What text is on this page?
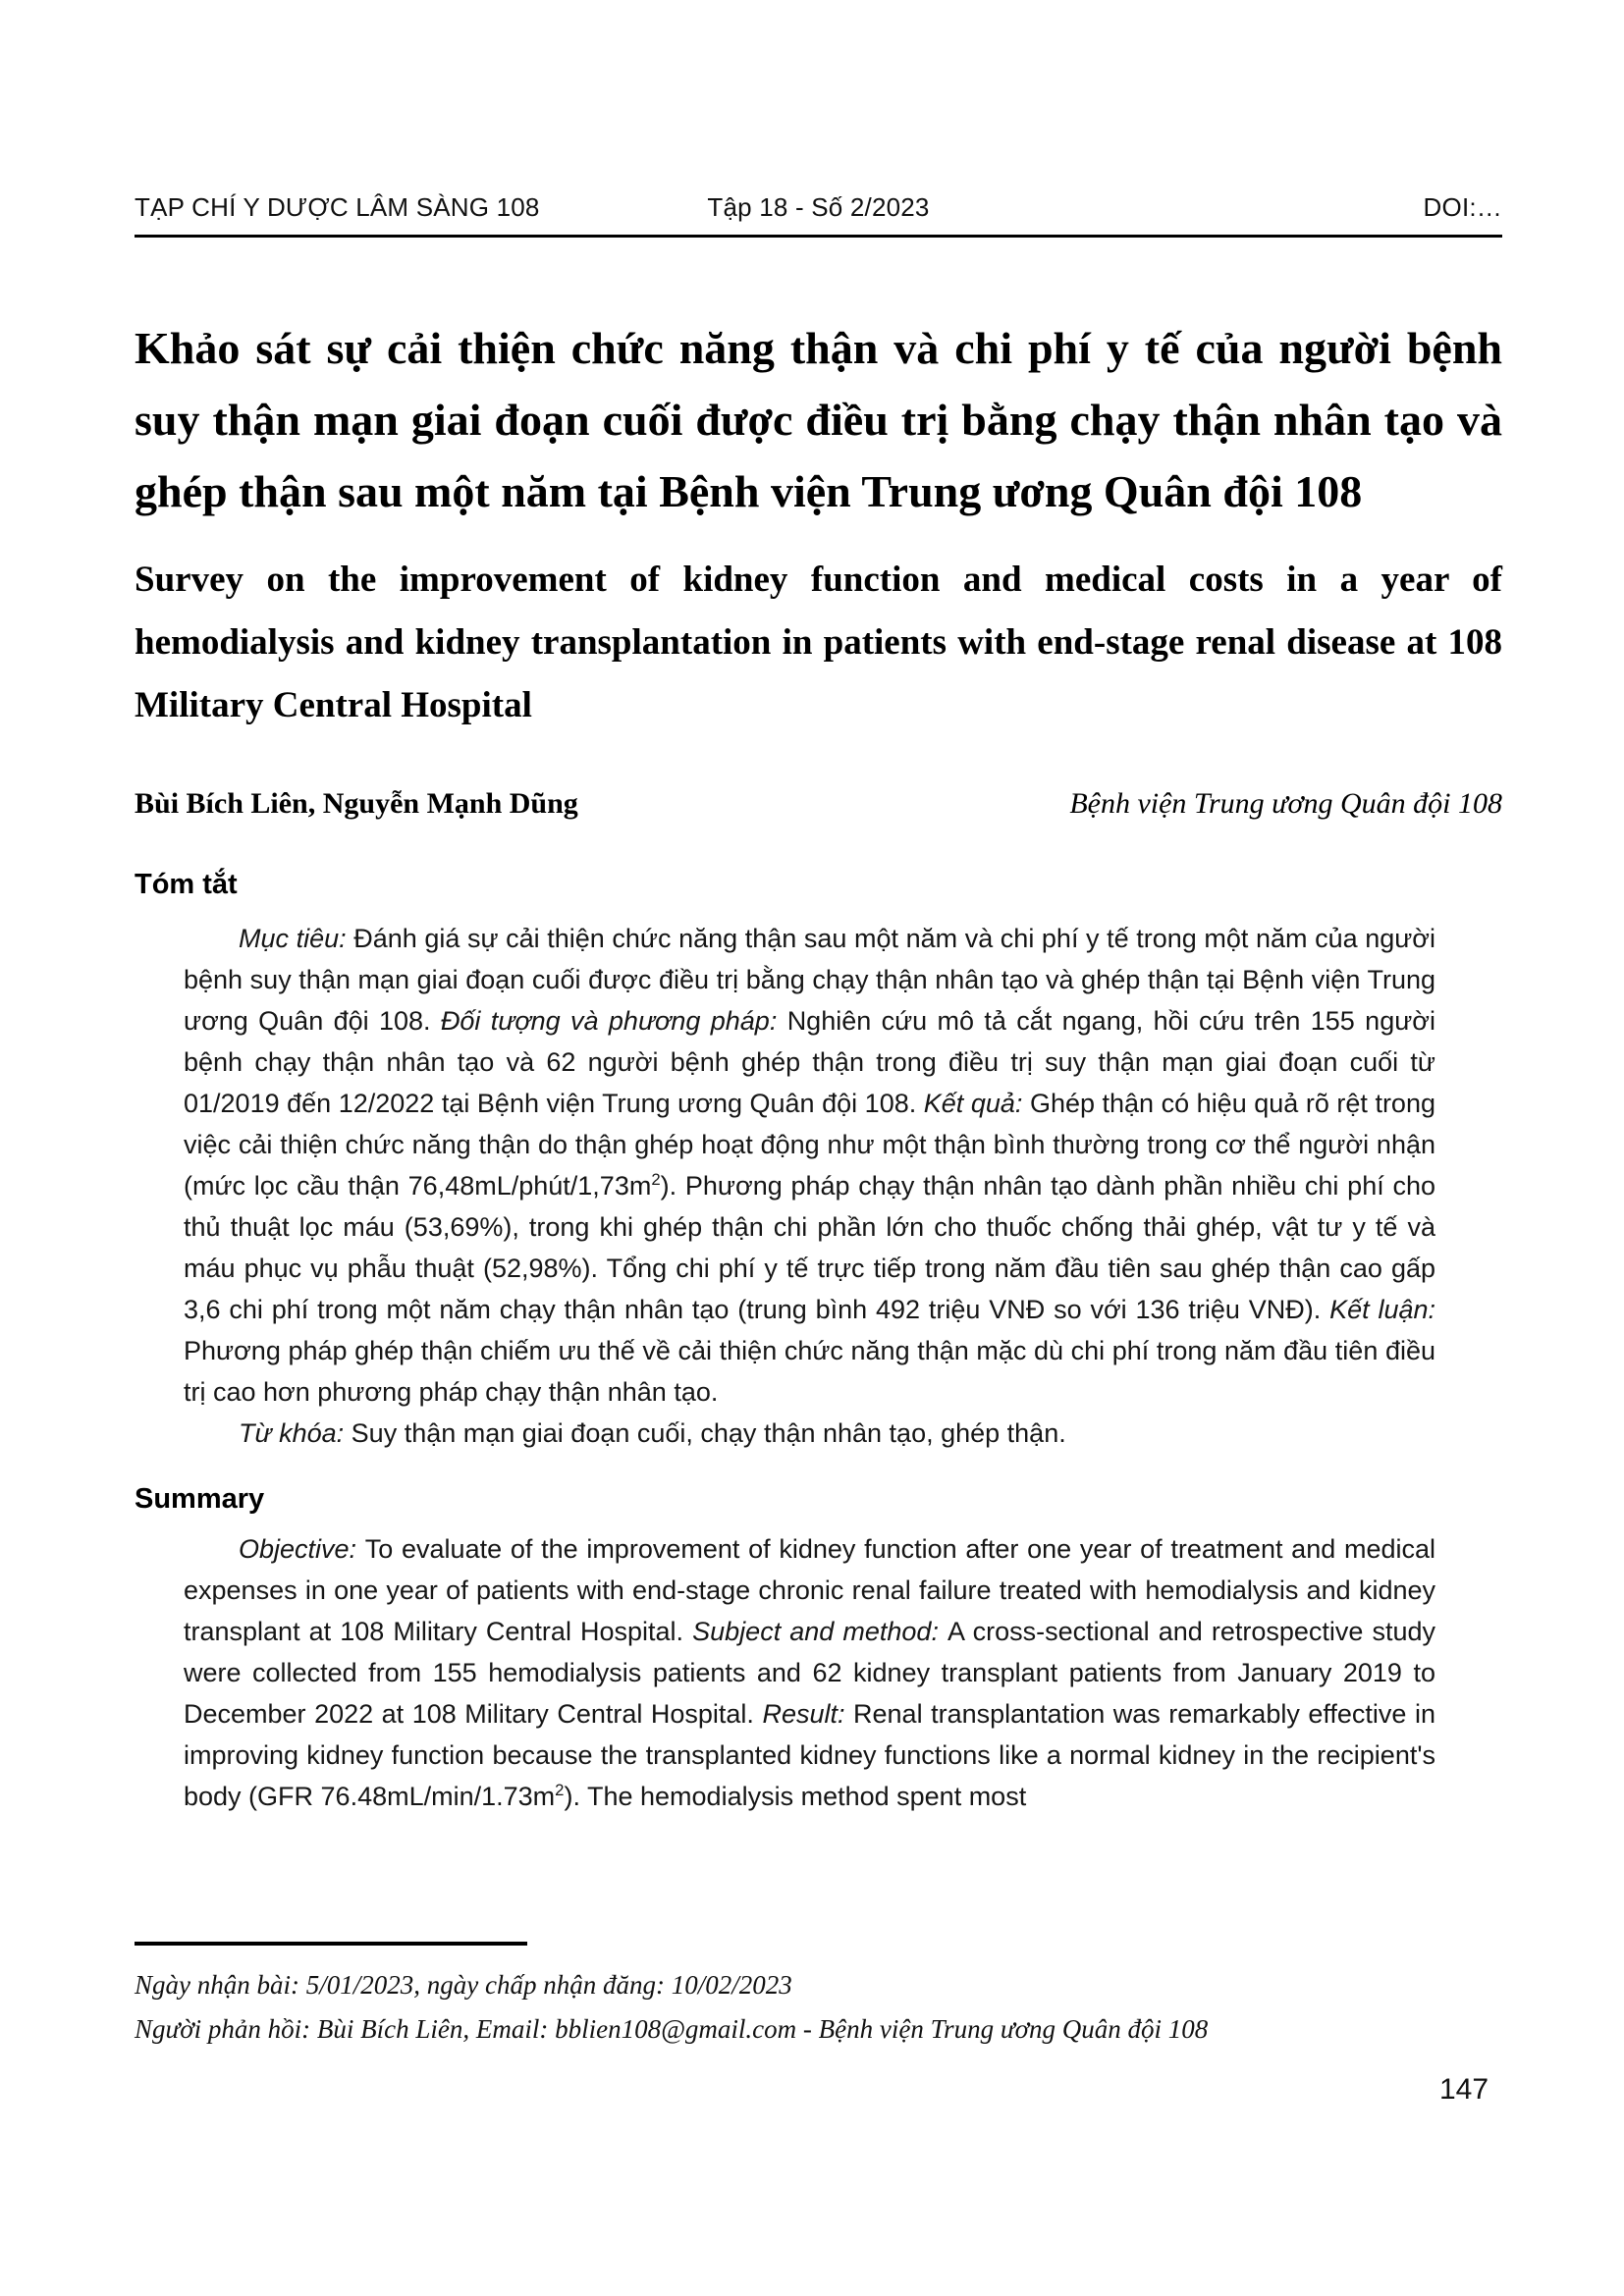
TẠP CHÍ Y DƯỢC LÂM SÀNG 108	Tập 18 - Số 2/2023	DOI:…
Khảo sát sự cải thiện chức năng thận và chi phí y tế của người bệnh suy thận mạn giai đoạn cuối được điều trị bằng chạy thận nhân tạo và ghép thận sau một năm tại Bệnh viện Trung ương Quân đội 108
Survey on the improvement of kidney function and medical costs in a year of hemodialysis and kidney transplantation in patients with end-stage renal disease at 108 Military Central Hospital
Bùi Bích Liên, Nguyễn Mạnh Dũng	Bệnh viện Trung ương Quân đội 108
Tóm tắt

Mục tiêu: Đánh giá sự cải thiện chức năng thận sau một năm và chi phí y tế trong một năm của người bệnh suy thận mạn giai đoạn cuối được điều trị bằng chạy thận nhân tạo và ghép thận tại Bệnh viện Trung ương Quân đội 108. Đối tượng và phương pháp: Nghiên cứu mô tả cắt ngang, hồi cứu trên 155 người bệnh chạy thận nhân tạo và 62 người bệnh ghép thận trong điều trị suy thận mạn giai đoạn cuối từ 01/2019 đến 12/2022 tại Bệnh viện Trung ương Quân đội 108. Kết quả: Ghép thận có hiệu quả rõ rệt trong việc cải thiện chức năng thận do thận ghép hoạt động như một thận bình thường trong cơ thể người nhận (mức lọc cầu thận $76,48mL/phút/1,73m^2$). Phương pháp chạy thận nhân tạo dành phần nhiều chi phí cho thủ thuật lọc máu (53,69%), trong khi ghép thận chi phần lớn cho thuốc chống thải ghép, vật tư y tế và máu phục vụ phẫu thuật (52,98%). Tổng chi phí y tế trực tiếp trong năm đầu tiên sau ghép thận cao gấp 3,6 chi phí trong một năm chạy thận nhân tạo (trung bình 492 triệu VNĐ so với 136 triệu VNĐ). Kết luận: Phương pháp ghép thận chiếm ưu thế về cải thiện chức năng thận mặc dù chi phí trong năm đầu tiên điều trị cao hơn phương pháp chạy thận nhân tạo.

Từ khóa: Suy thận mạn giai đoạn cuối, chạy thận nhân tạo, ghép thận.

Summary

Objective: To evaluate of the improvement of kidney function after one year of treatment and medical expenses in one year of patients with end-stage chronic renal failure treated with hemodialysis and kidney transplant at 108 Military Central Hospital. Subject and method: A cross-sectional and retrospective study were collected from 155 hemodialysis patients and 62 kidney transplant patients from January 2019 to December 2022 at 108 Military Central Hospital. Result: Renal transplantation was remarkably effective in improving kidney function because the transplanted kidney functions like a normal kidney in the recipient's body (GFR $76.48mL/\min/1.73m^2$). The hemodialysis method spent most

Ngày nhận bài: 5/01/2023, ngày chấp nhận đăng: 10/02/2023

Người phản hồi: Bùi Bích Liên, Email: bblien108@gmail.com - Bệnh viện Trung ương Quân đội 108

147
